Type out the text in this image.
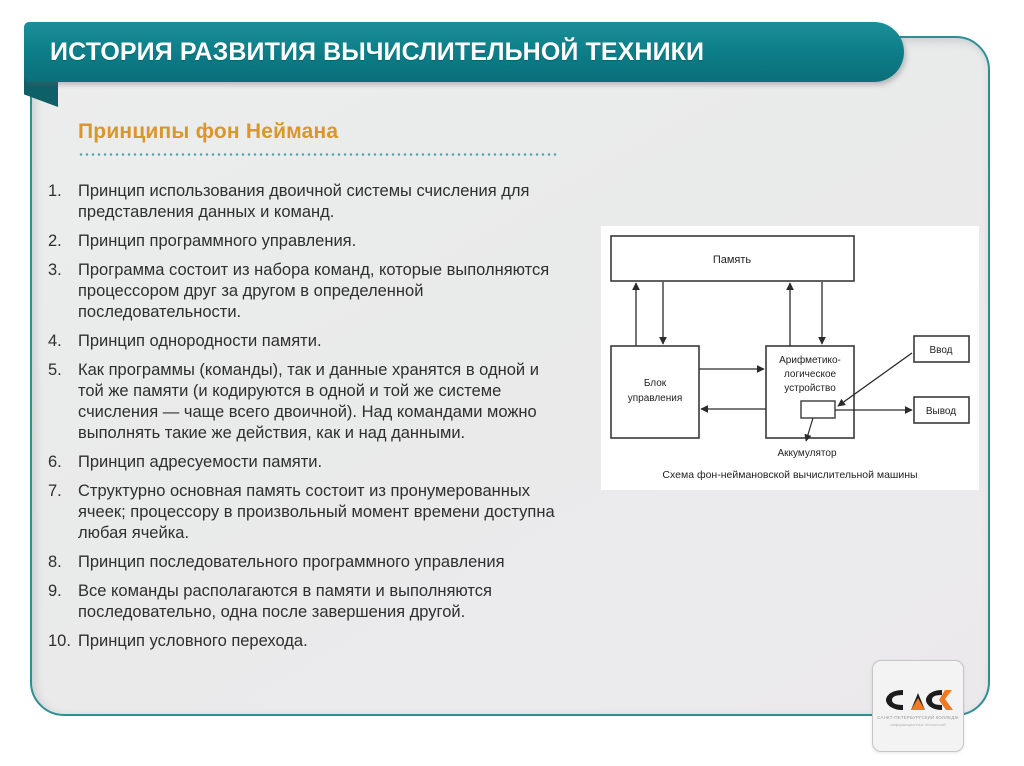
ИСТОРИЯ РАЗВИТИЯ ВЫЧИСЛИТЕЛЬНОЙ ТЕХНИКИ
Принципы фон Неймана
1. Принцип использования двоичной системы счисления для представления данных и команд.
2. Принцип программного управления.
3. Программа состоит из набора команд, которые выполняются процессором друг за другом в определенной последовательности.
4. Принцип однородности памяти.
5. Как программы (команды), так и данные хранятся в одной и той же памяти (и кодируются в одной и той же системе счисления — чаще всего двоичной). Над командами можно выполнять такие же действия, как и над данными.
6. Принцип адресуемости памяти.
7. Структурно основная память состоит из пронумерованных ячеек; процессору в произвольный момент времени доступна любая ячейка.
8. Принцип последовательного программного управления
9. Все команды располагаются в памяти и выполняются последовательно, одна после завершения другой.
10. Принцип условного перехода.
Память
Блок
управления
Арифметико-
логическое
устройство
Аккумулятор
Ввод
Вывод
Схема фон-неймановской вычислительной машины
САНКТ-ПЕТЕРБУРГСКИЙ КОЛЛЕДЖ
информационных технологий
